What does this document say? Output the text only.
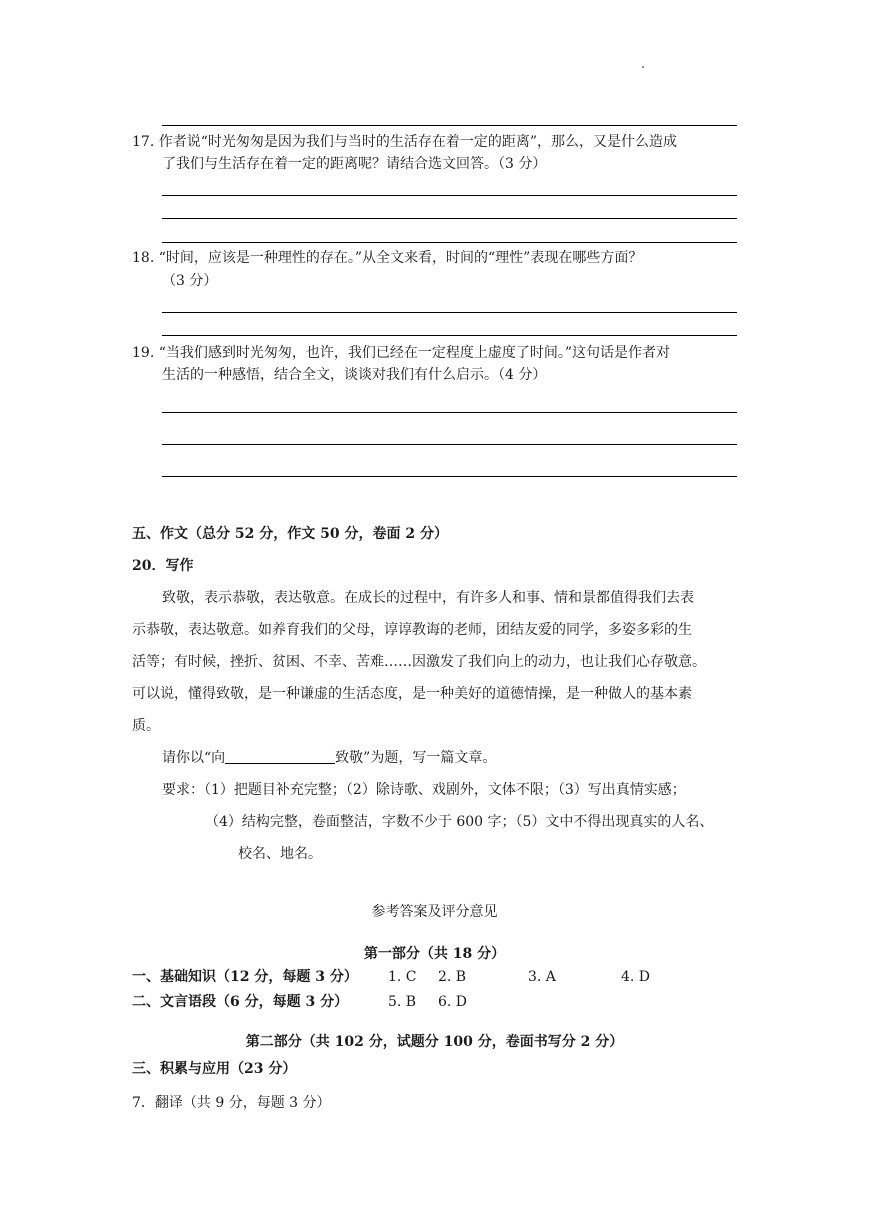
17. 作者说“时光匆匆是因为我们与当时的生活存在着一定的距离”，那么，又是什么造成
了我们与生活存在着一定的距离呢？请结合选文回答。（3 分）
18. “时间，应该是一种理性的存在。”从全文来看，时间的“理性”表现在哪些方面？
（3 分）
19. “当我们感到时光匆匆，也许，我们已经在一定程度上虚度了时间。”这句话是作者对
生活的一种感悟，结合全文，谈谈对我们有什么启示。（4 分）
五、作文（总分 52 分，作文 50 分，卷面 2 分）
20．写作
致敬，表示恭敬，表达敬意。在成长的过程中，有许多人和事、情和景都值得我们去表
示恭敬，表达敬意。如养育我们的父母，谆谆教诲的老师，团结友爱的同学，多姿多彩的生
活等；有时候，挫折、贫困、不幸、苦难……因激发了我们向上的动力，也让我们心存敬意。
可以说，懂得致敬，是一种谦虚的生活态度，是一种美好的道德情操，是一种做人的基本素
质。
请你以“向	致敬”为题，写一篇文章。
要求：（1）把题目补充完整；（2）除诗歌、戏剧外，文体不限；（3）写出真情实感；
（4）结构完整，卷面整洁，字数不少于 600 字；（5）文中不得出现真实的人名、
校名、地名。
参考答案及评分意见
第一部分（共 18 分）
一、基础知识（12 分，每题 3 分） 1. C 2. B	3. A	4. D
二、文言语段（6 分，每题 3 分）	5. B 6. D
第二部分（共 102 分，试题分 100 分，卷面书写分 2 分）
三、积累与应用（23 分）
7．翻译（共 9 分，每题 3 分）
